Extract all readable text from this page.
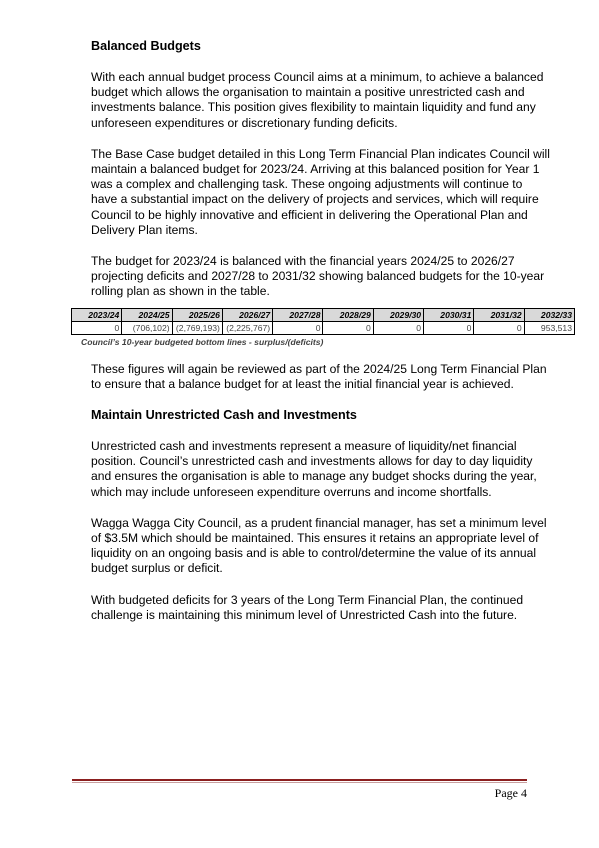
Balanced Budgets

With each annual budget process Council aims at a minimum, to achieve a balanced budget which allows the organisation to maintain a positive unrestricted cash and investments balance. This position gives flexibility to maintain liquidity and fund any unforeseen expenditures or discretionary funding deficits.

The Base Case budget detailed in this Long Term Financial Plan indicates Council will maintain a balanced budget for 2023/24. Arriving at this balanced position for Year 1 was a complex and challenging task. These ongoing adjustments will continue to have a substantial impact on the delivery of projects and services, which will require Council to be highly innovative and efficient in delivering the Operational Plan and Delivery Plan items.

The budget for 2023/24 is balanced with the financial years 2024/25 to 2026/27 projecting deficits and 2027/28 to 2031/32 showing balanced budgets for the 10-year rolling plan as shown in the table.

2023/24	2024/25	2025/26	2026/27	2027/28	2028/29	2029/30	2030/31	2031/32	2032/33
0	(706,102)	(2,769,193)	(2,225,767)	0	0	0	0	0	953,513
Council’s 10-year budgeted bottom lines - surplus/(deficits)

These figures will again be reviewed as part of the 2024/25 Long Term Financial Plan to ensure that a balance budget for at least the initial financial year is achieved.

Maintain Unrestricted Cash and Investments

Unrestricted cash and investments represent a measure of liquidity/net financial position. Council’s unrestricted cash and investments allows for day to day liquidity and ensures the organisation is able to manage any budget shocks during the year, which may include unforeseen expenditure overruns and income shortfalls.

Wagga Wagga City Council, as a prudent financial manager, has set a minimum level of $3.5M which should be maintained. This ensures it retains an appropriate level of liquidity on an ongoing basis and is able to control/determine the value of its annual budget surplus or deficit.

With budgeted deficits for 3 years of the Long Term Financial Plan, the continued challenge is maintaining this minimum level of Unrestricted Cash into the future.

Page 4
